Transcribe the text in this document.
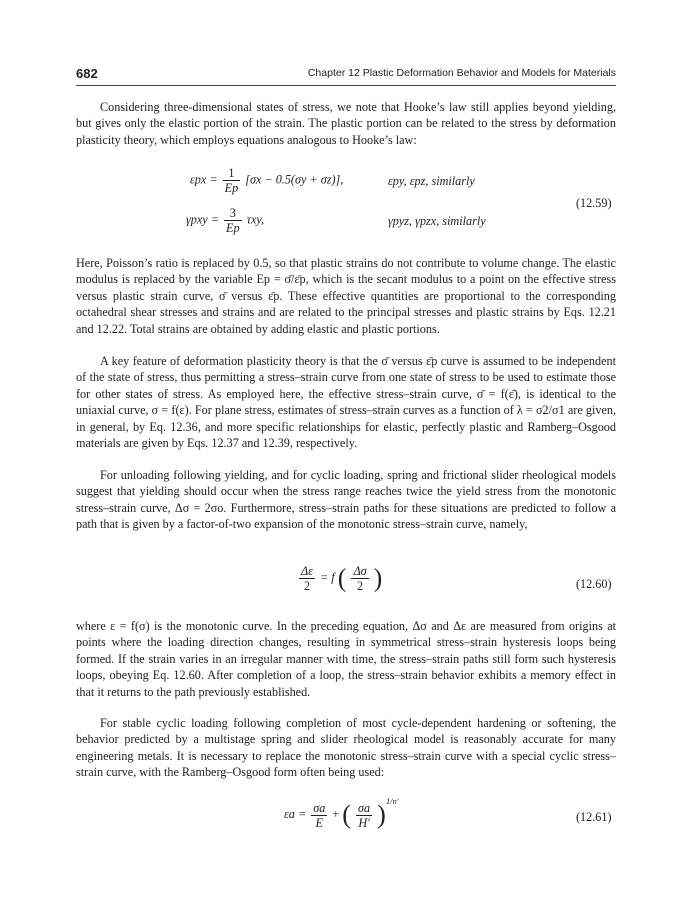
682	Chapter 12 Plastic Deformation Behavior and Models for Materials

Considering three-dimensional states of stress, we note that Hooke’s law still applies beyond yielding, but gives only the elastic portion of the strain. The plastic portion can be related to the stress by deformation plasticity theory, which employs equations analogous to Hooke’s law:

$\varepsilon px = \frac{1}{Ep} [\sigma x - 0.5(\sigma y + \sigma z)]$,	εpy, εpz, similarly
$\gamma pxy = \frac{3}{Ep} \tau xy$,	γpyz, γpzx, similarly
(12.59)

Here, Poisson’s ratio is replaced by 0.5, so that plastic strains do not contribute to volume change. The elastic modulus is replaced by the variable Ep = σ̄/ε̄p, which is the secant modulus to a point on the effective stress versus plastic strain curve, σ̄ versus ε̄p. These effective quantities are proportional to the corresponding octahedral shear stresses and strains and are related to the principal stresses and plastic strains by Eqs. 12.21 and 12.22. Total strains are obtained by adding elastic and plastic portions.

A key feature of deformation plasticity theory is that the σ̄ versus ε̄p curve is assumed to be independent of the state of stress, thus permitting a stress–strain curve from one state of stress to be used to estimate those for other states of stress. As employed here, the effective stress–strain curve, σ̄ = f(ε̄), is identical to the uniaxial curve, σ = f(ε). For plane stress, estimates of stress–strain curves as a function of λ = σ2/σ1 are given, in general, by Eq. 12.36, and more specific relationships for elastic, perfectly plastic and Ramberg–Osgood materials are given by Eqs. 12.37 and 12.39, respectively.

For unloading following yielding, and for cyclic loading, spring and frictional slider rheological models suggest that yielding should occur when the stress range reaches twice the yield stress from the monotonic stress–strain curve, Δσ = 2σo. Furthermore, stress–strain paths for these situations are predicted to follow a path that is given by a factor-of-two expansion of the monotonic stress–strain curve, namely,

$\frac{\Delta\varepsilon}{2} = f$ ( $\frac{\Delta\sigma}{2}$ )	(12.60)

where ε = f(σ) is the monotonic curve. In the preceding equation, Δσ and Δε are measured from origins at points where the loading direction changes, resulting in symmetrical stress–strain hysteresis loops being formed. If the strain varies in an irregular manner with time, the stress–strain paths still form such hysteresis loops, obeying Eq. 12.60. After completion of a loop, the stress–strain behavior exhibits a memory effect in that it returns to the path previously established.

For stable cyclic loading following completion of most cycle-dependent hardening or softening, the behavior predicted by a multistage spring and slider rheological model is reasonably accurate for many engineering metals. It is necessary to replace the monotonic stress–strain curve with a special cyclic stress–strain curve, with the Ramberg–Osgood form often being used:

$\varepsilon a = \frac{\sigma a}{E}$ + ( $\frac{\sigma a}{H'} )^{1/n'}$
(12.61)
